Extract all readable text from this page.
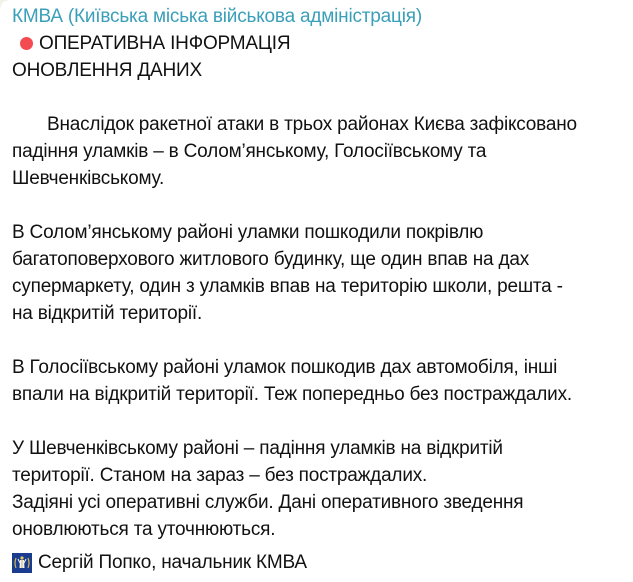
КМВА (Київська міська військова адміністрація)
ОПЕРАТИВНА ІНФОРМАЦІЯ
ОНОВЛЕННЯ ДАНИХ
Внаслідок ракетної атаки в трьох районах Києва зафіксовано
падіння уламків – в Солом’янському, Голосіївському та
Шевченківському.
В Солом’янському районі уламки пошкодили покрівлю
багатоповерхового житлового будинку, ще один впав на дах
супермаркету, один з уламків впав на територію школи, решта -
на відкритій території.
В Голосіївському районі уламок пошкодив дах автомобіля, інші
впали на відкритій території. Теж попередньо без постраждалих.
У Шевченківському районі – падіння уламків на відкритій
території. Станом на зараз – без постраждалих.
Задіяні усі оперативні служби. Дані оперативного зведення
оновлюються та уточнюються.
Сергій Попко, начальник КМВА
